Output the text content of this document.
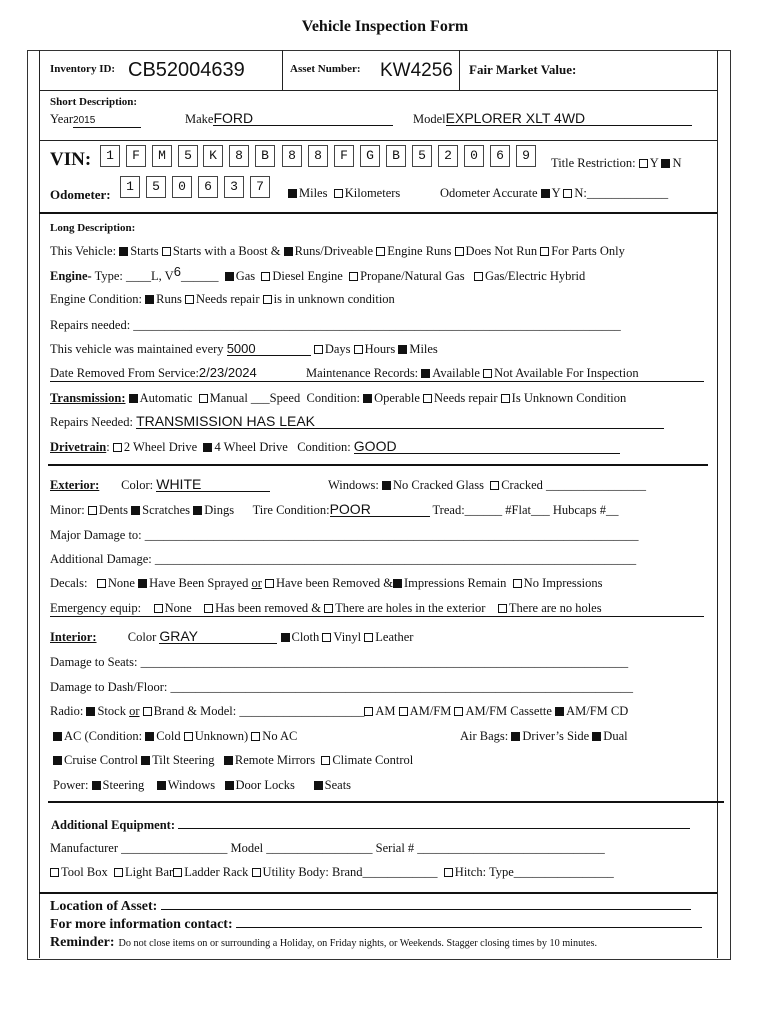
Vehicle Inspection Form
Inventory ID: CB52004639	Asset Number: KW4256 Fair Market Value:
Short Description:
Year2015	MakeFORD	ModelEXPLORER XLT 4WD
VIN:	1	F	M	5	K	8	B	8	8	F	G	B	5	2	0	6	9	Title Restriction: Y N
Odometer:
1	5	0	6	3	7	Miles Kilometers	Odometer Accurate Y N:_____________
Long Description:
This Vehicle: Starts Starts with a Boost & Runs/Driveable Engine Runs Does Not Run For Parts Only
Engine- Type: ____L, V6______ Gas Diesel Engine Propane/Natural Gas Gas/Electric Hybrid
Engine Condition: Runs Needs repair is in unknown condition
Repairs needed: ______________________________________________________________________________
This vehicle was maintained every 5000	Days Hours Miles
Date Removed From Service:2/23/2024	Maintenance Records: Available Not Available For Inspection
Transmission: Automatic Manual ___Speed Condition: Operable Needs repair Is Unknown Condition
Repairs Needed: TRANSMISSION HAS LEAK
Drivetrain: 2 Wheel Drive 4 Wheel Drive Condition: GOOD
Exterior: Color: WHITE	Windows: No Cracked Glass Cracked ________________
Minor: Dents Scratches Dings Tire Condition:POOR	Tread:______ #Flat___ Hubcaps #__
Major Damage to: _______________________________________________________________________________
Additional Damage: _____________________________________________________________________________
Decals: None Have Been Sprayed or Have been Removed & Impressions Remain No Impressions
Emergency equip: None Has been removed & There are holes in the exterior There are no holes
Interior:	Color GRAY	Cloth Vinyl Leather
Damage to Seats: ______________________________________________________________________________
Damage to Dash/Floor: __________________________________________________________________________
Radio: Stock or Brand & Model: ____________________ AM AM/FM AM/FM Cassette AM/FM CD
AC (Condition: Cold Unknown) No AC	Air Bags: Driver’s Side Dual
Cruise Control Tilt Steering Remote Mirrors Climate Control
Power: Steering Windows Door Locks Seats
Additional Equipment:
Manufacturer _________________ Model _________________ Serial # ______________________________
Tool Box Light Bar Ladder Rack Utility Body: Brand____________ Hitch: Type________________
Location of Asset:
For more information contact:
Reminder: Do not close items on or surrounding a Holiday, on Friday nights, or Weekends. Stagger closing times by 10 minutes.
